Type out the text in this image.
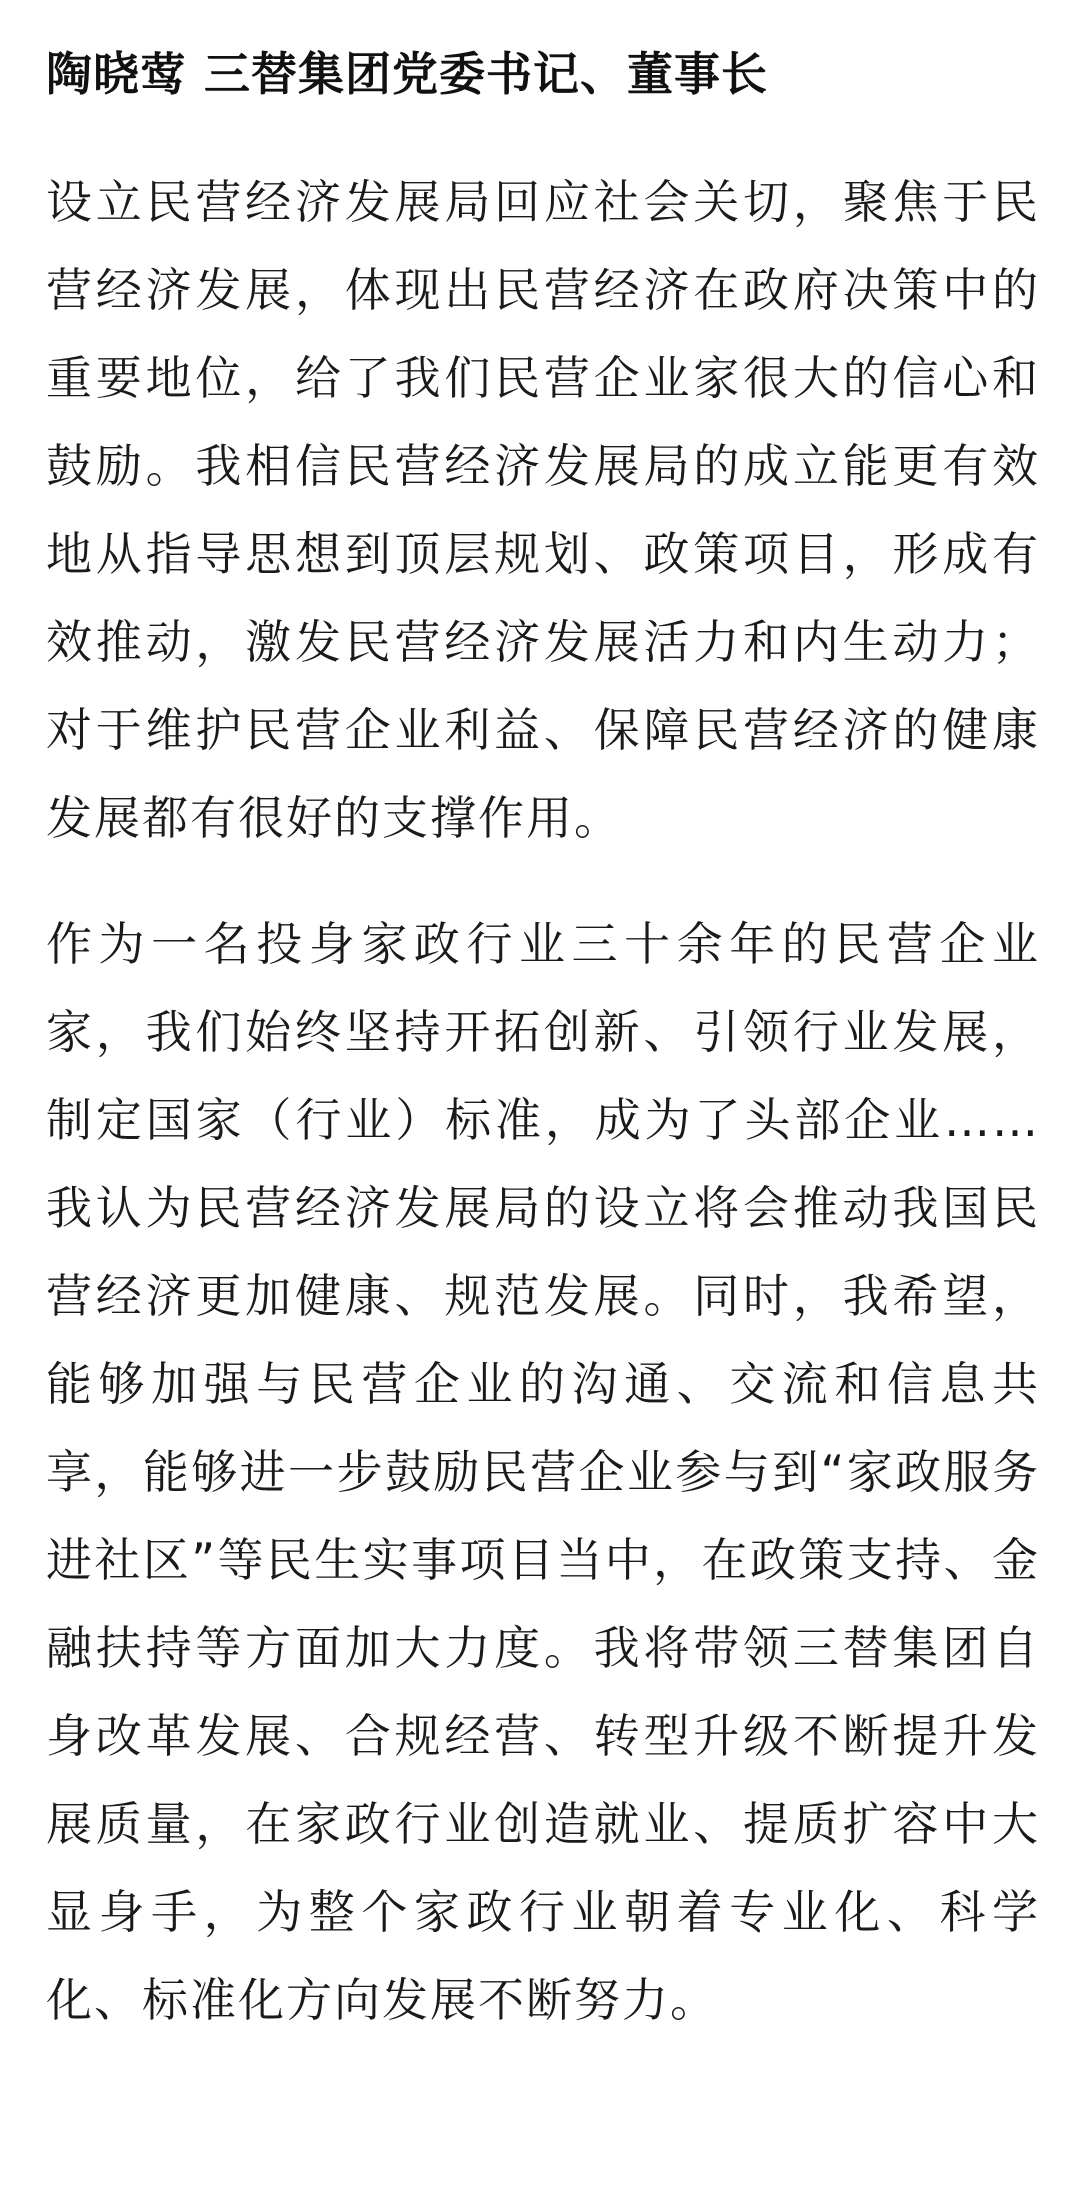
陶晓莺 三替集团党委书记、董事长

设立民营经济发展局回应社会关切，聚焦于民营经济发展，体现出民营经济在政府决策中的重要地位，给了我们民营企业家很大的信心和鼓励。我相信民营经济发展局的成立能更有效地从指导思想到顶层规划、政策项目，形成有效推动，激发民营经济发展活力和内生动力；对于维护民营企业利益、保障民营经济的健康发展都有很好的支撑作用。

作为一名投身家政行业三十余年的民营企业家，我们始终坚持开拓创新、引领行业发展，制定国家（行业）标准，成为了头部企业……我认为民营经济发展局的设立将会推动我国民营经济更加健康、规范发展。同时，我希望，能够加强与民营企业的沟通、交流和信息共享，能够进一步鼓励民营企业参与到“家政服务进社区”等民生实事项目当中，在政策支持、金融扶持等方面加大力度。我将带领三替集团自身改革发展、合规经营、转型升级不断提升发展质量，在家政行业创造就业、提质扩容中大显身手，为整个家政行业朝着专业化、科学化、标准化方向发展不断努力。
